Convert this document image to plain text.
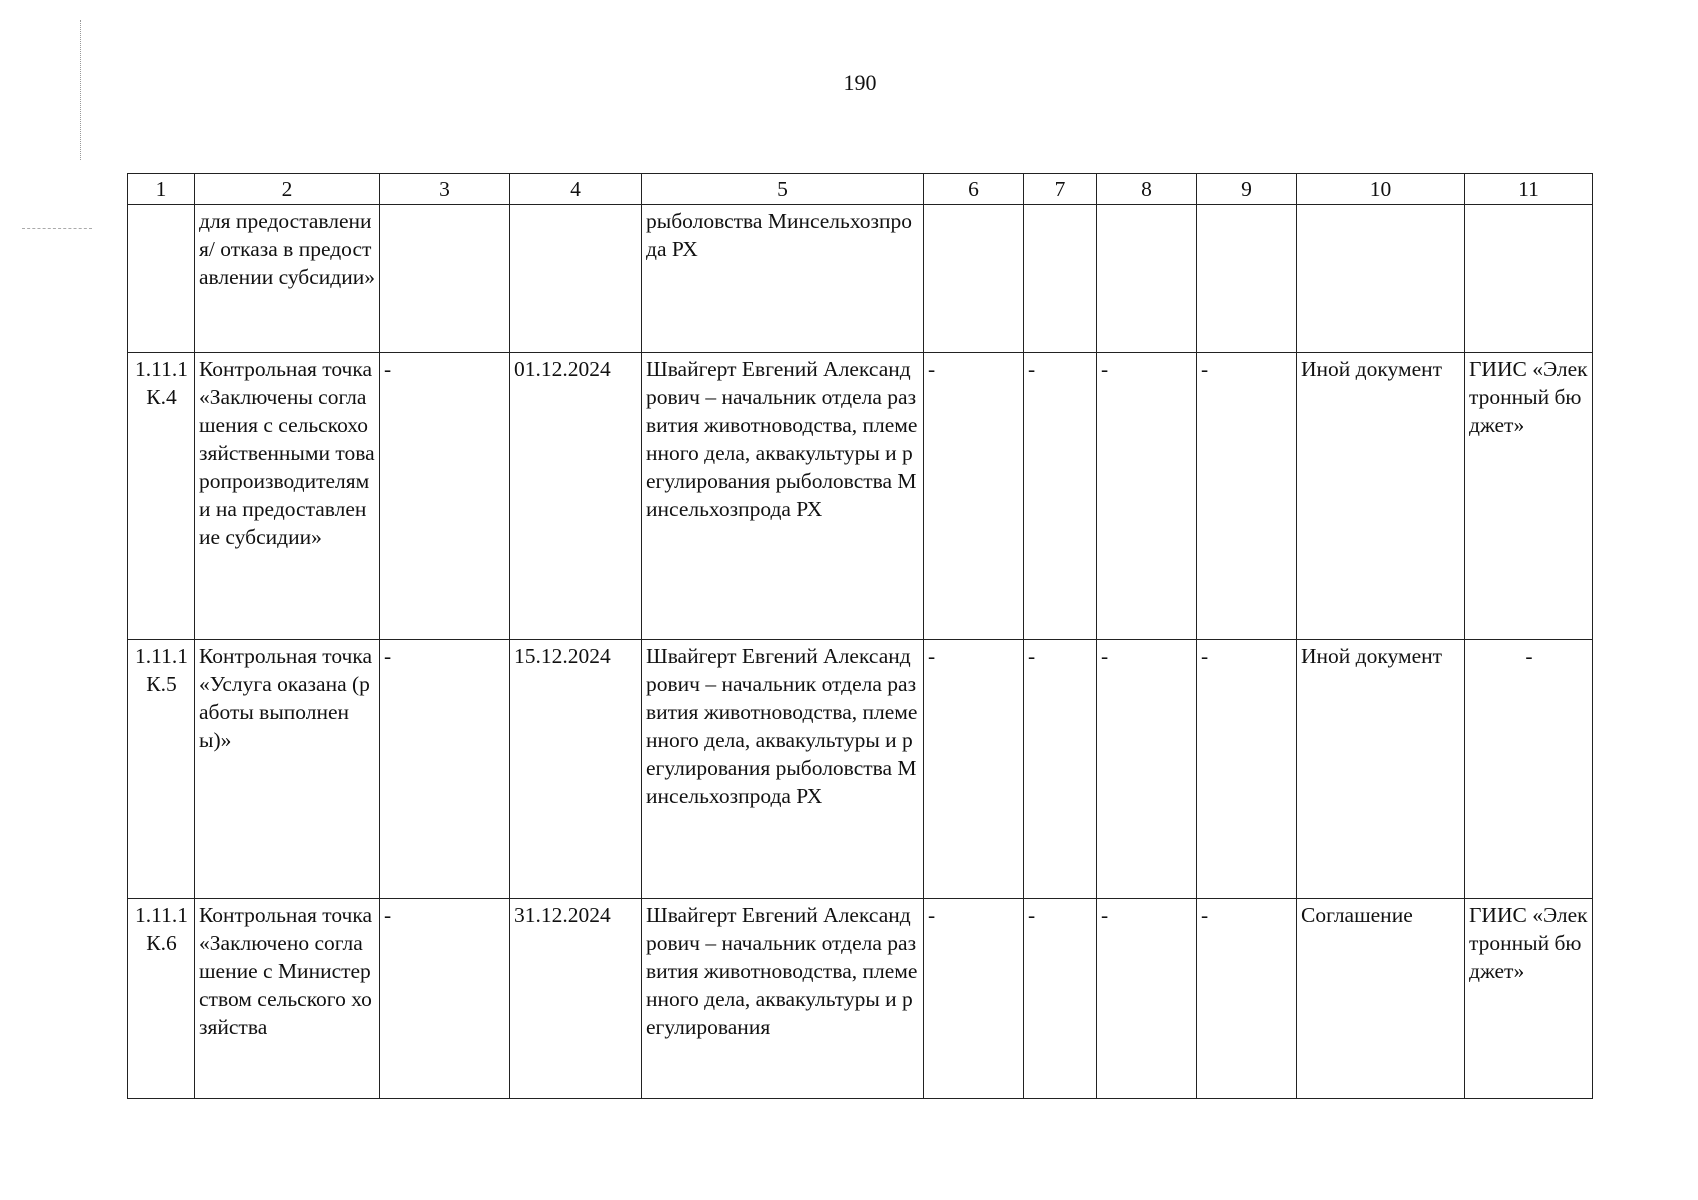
190
1	2	3	4	5	6	7	8	9	10	11
	для предоставления/ отказа в предоставлении субсидии»			рыболовства Минсельхозпрода РХ						
1.11.1 К.4	Контрольная точка «Заключены соглашения с сельскохозяйственными товаропроизводителями на предоставление субсидии»	-	01.12.2024	Швайгерт Евгений Александрович – начальник отдела развития животноводства, племенного дела, аквакультуры и регулирования рыболовства Минсельхозпрода РХ	-	-	-	-	Иной документ	ГИИС «Электронный бюджет»
1.11.1 К.5	Контрольная точка «Услуга оказана (работы выполнены)»	-	15.12.2024	Швайгерт Евгений Александрович – начальник отдела развития животноводства, племенного дела, аквакультуры и регулирования рыболовства Минсельхозпрода РХ	-	-	-	-	Иной документ	-
1.11.1 К.6	Контрольная точка «Заключено соглашение с Министерством сельского хозяйства	-	31.12.2024	Швайгерт Евгений Александрович – начальник отдела развития животноводства, племенного дела, аквакультуры и регулирования	-	-	-	-	Соглашение	ГИИС «Электронный бюджет»
